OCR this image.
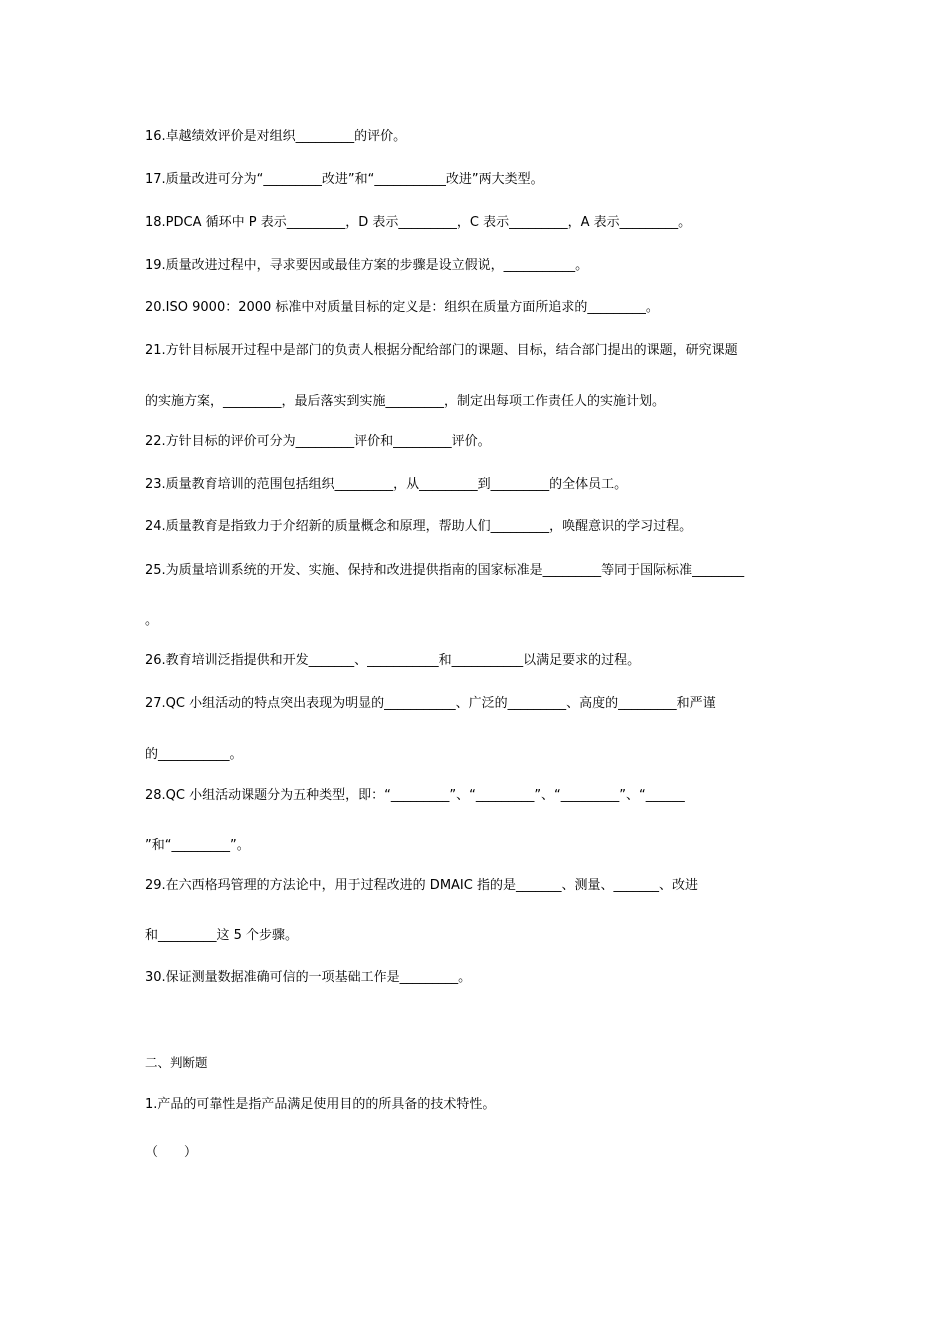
16.卓越绩效评价是对组织_________的评价。
17.质量改进可分为“_________改进”和“___________改进”两大类型。
18.PDCA 循环中 P 表示_________，D 表示_________，C 表示_________，A 表示_________。
19.质量改进过程中，寻求要因或最佳方案的步骤是设立假说，___________。
20.ISO 9000：2000 标准中对质量目标的定义是：组织在质量方面所追求的_________。
21.方针目标展开过程中是部门的负责人根据分配给部门的课题、目标，结合部门提出的课题，研究课题
的实施方案，_________，最后落实到实施_________，制定出每项工作责任人的实施计划。
22.方针目标的评价可分为_________评价和_________评价。
23.质量教育培训的范围包括组织_________，从_________到_________的全体员工。
24.质量教育是指致力于介绍新的质量概念和原理，帮助人们_________，唤醒意识的学习过程。
25.为质量培训系统的开发、实施、保持和改进提供指南的国家标准是_________等同于国际标准________
。
26.教育培训泛指提供和开发_______、___________和___________以满足要求的过程。
27.QC 小组活动的特点突出表现为明显的___________、广泛的_________、高度的_________和严谨
的___________。
28.QC 小组活动课题分为五种类型，即：“_________”、“_________”、“_________”、“______
”和“_________”。
29.在六西格玛管理的方法论中，用于过程改进的 DMAIC 指的是_______、测量、_______、改进
和_________这 5 个步骤。
30.保证测量数据准确可信的一项基础工作是_________。
二、判断题
1.产品的可靠性是指产品满足使用目的的所具备的技术特性。
（　　）
